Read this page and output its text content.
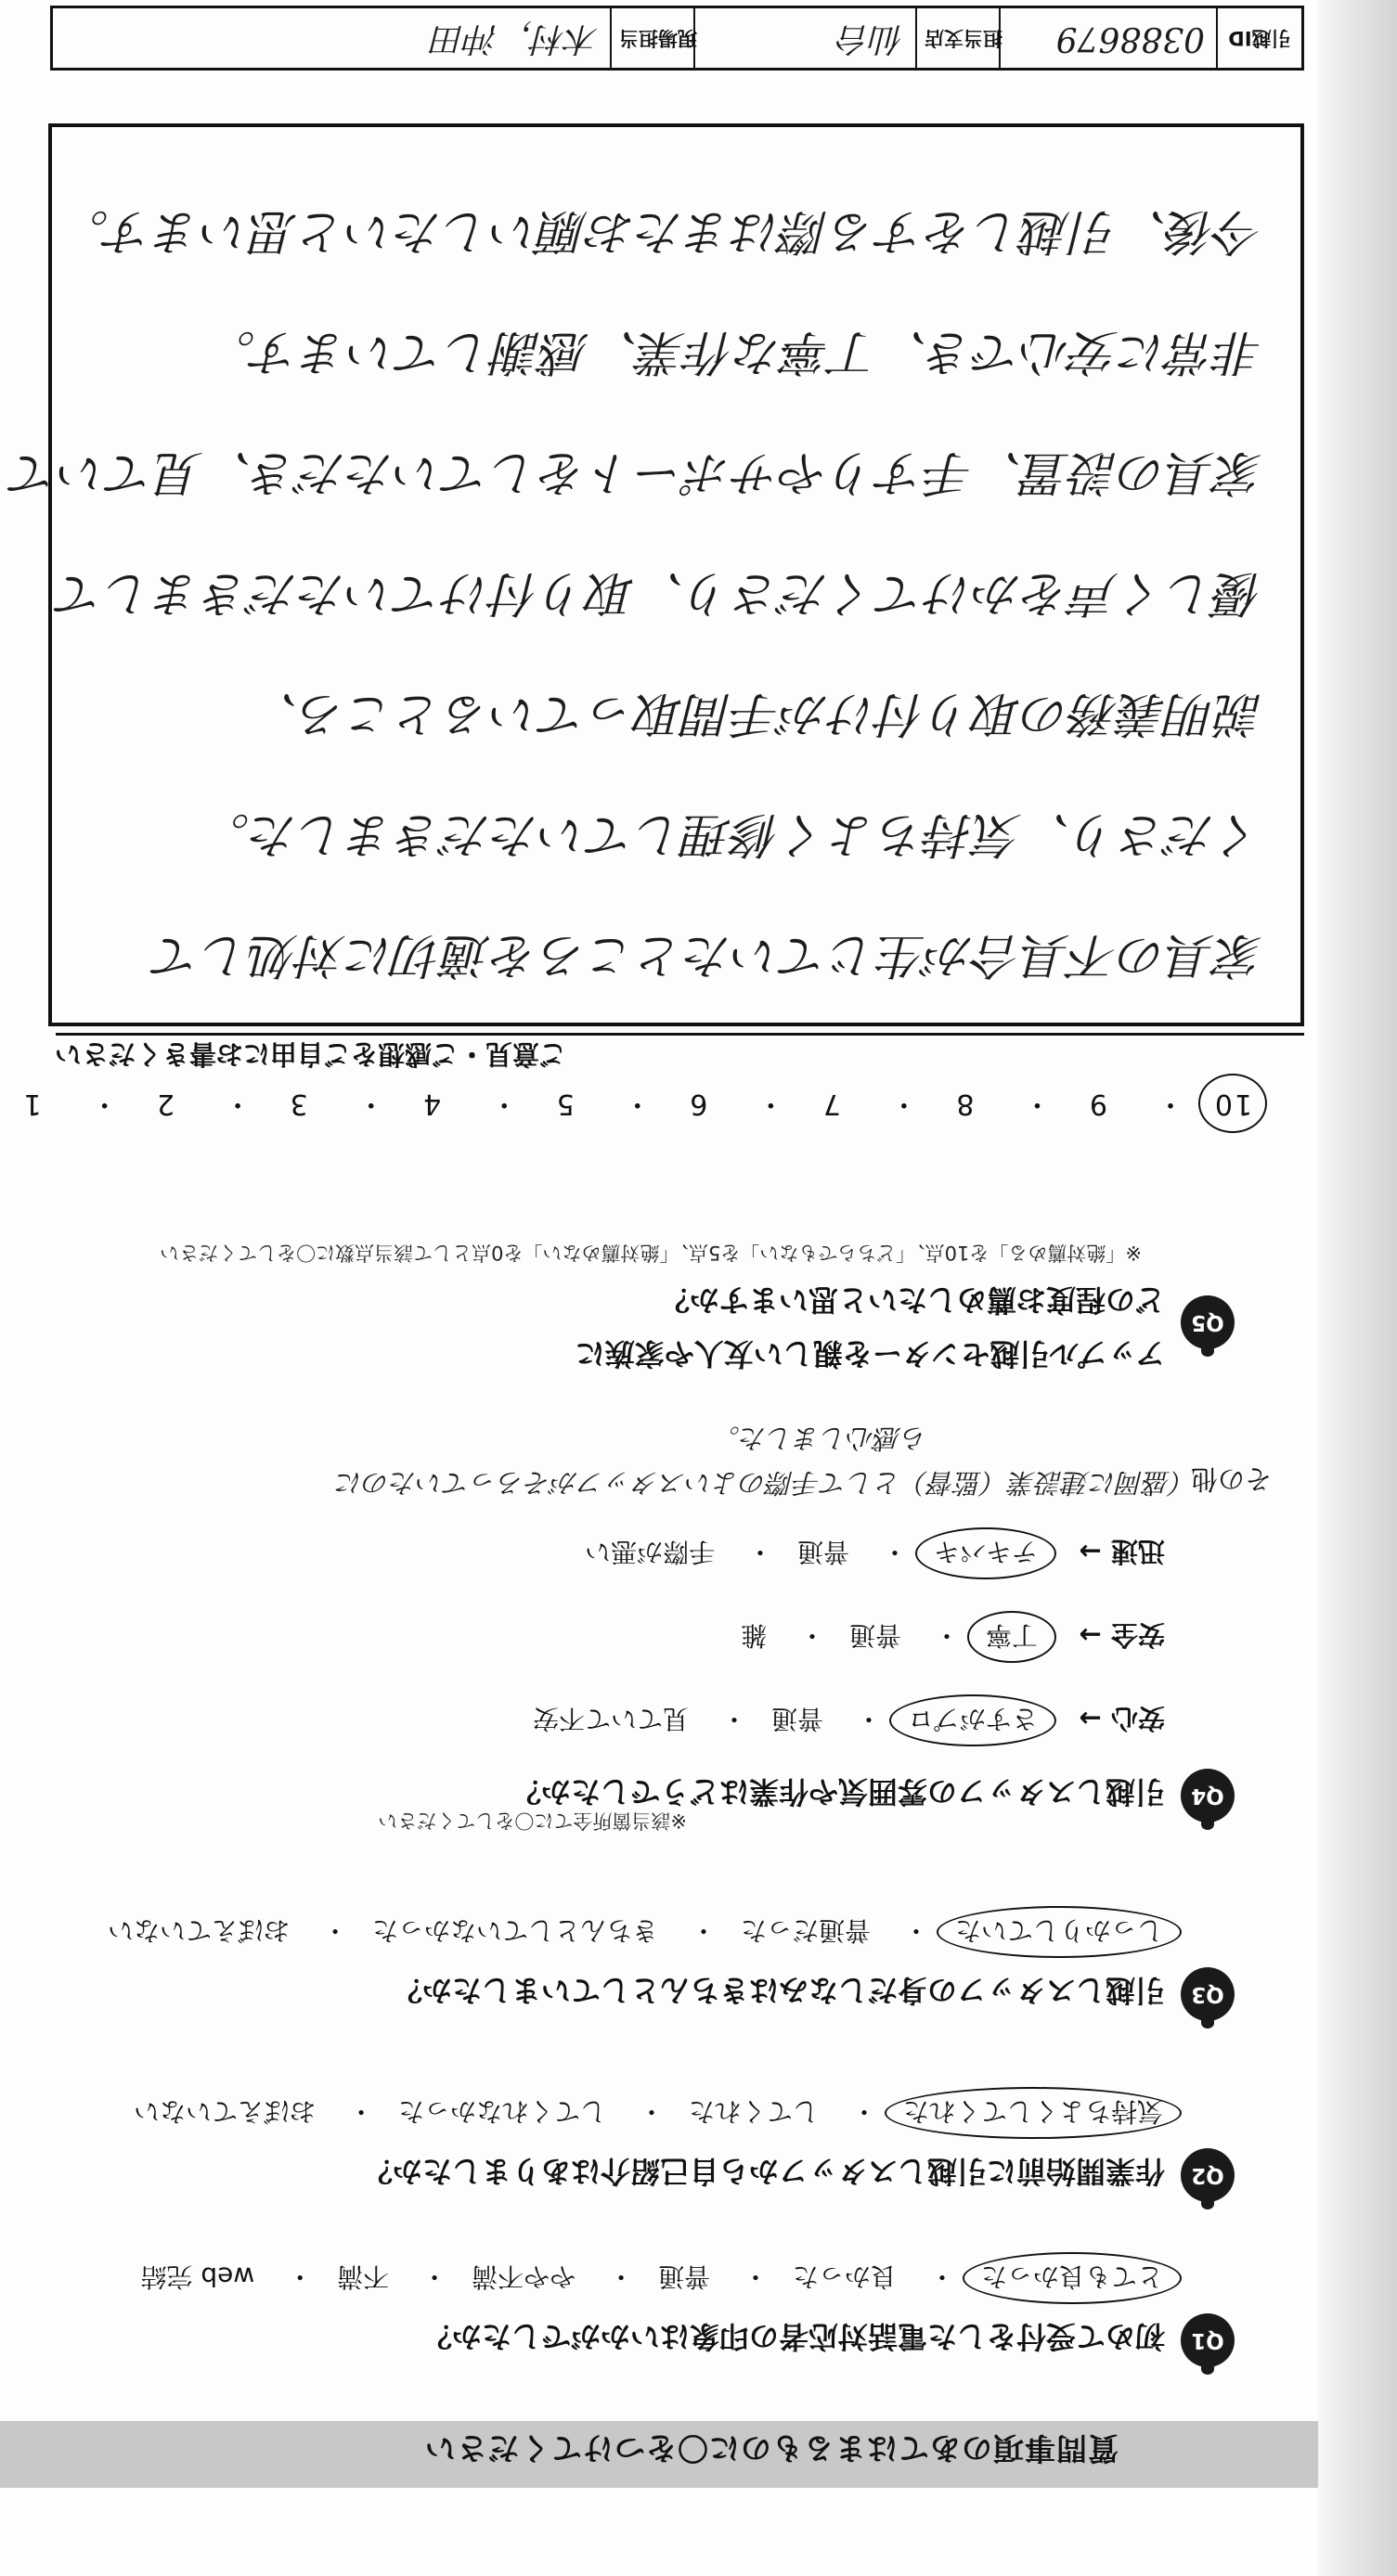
質問事項のあてはまるものに〇をつけてください
Q1
初めて受付をした電話対応者の印象はいかがでしたか？
とても良かった・ 良かった・ 普通・ やや不満・ 不満・ web 完結
Q2
作業開始前に引越しスタッフから自己紹介はありましたか？
気持ちよくしてくれた・ してくれた・ してくれなかった・ おぼえていない
Q3
引越しスタッフの身だしなみはきちんとしていましたか？
しっかりしていた・ 普通だった・ きちんとしていなかった・ おぼえていない
Q4
引越しスタッフの雰囲気や作業はどうでしたか？
※該当箇所全てに〇をしてください
安心 →
さすがプロ・ 普通・ 見ていて不安
安全 →
丁寧・ 普通・ 雑
迅速 →
テキパキ・ 普通・ 手際が悪い
その他
（盛岡に建設業（監督）として手際のよいスタッフがそろっていたのに
ら感心しました。
Q5
アップル引越センターを親しい友人や家族に
どの程度お薦めしたいと思いますか？
※「絶対薦める」を10点、「どちらでもない」を5点、「絶対薦めない」を0点として該当点数に〇をしてください
10・ 9・ 8・ 7・ 6・ 5・ 4・ 3・ 2・ 1
ご意見・ご感想をご自由にお書きください
家具の不具合が生じていたところを適切に対処して
くださり、気持ちよく修理していただきました。
説明義務の取り付けが手間取っているところ、
優しく声をかけてくださり、取り付けていただきまして
家具の設置、手すりやサポートをしていただき、見ていて
非常に安心でき、丁寧な作業、感謝しています。
今後、引越しをする際はまたお願いしたいと思います。
引越ID
0388679
担当支店
仙台
現場担当
木村，沖田
